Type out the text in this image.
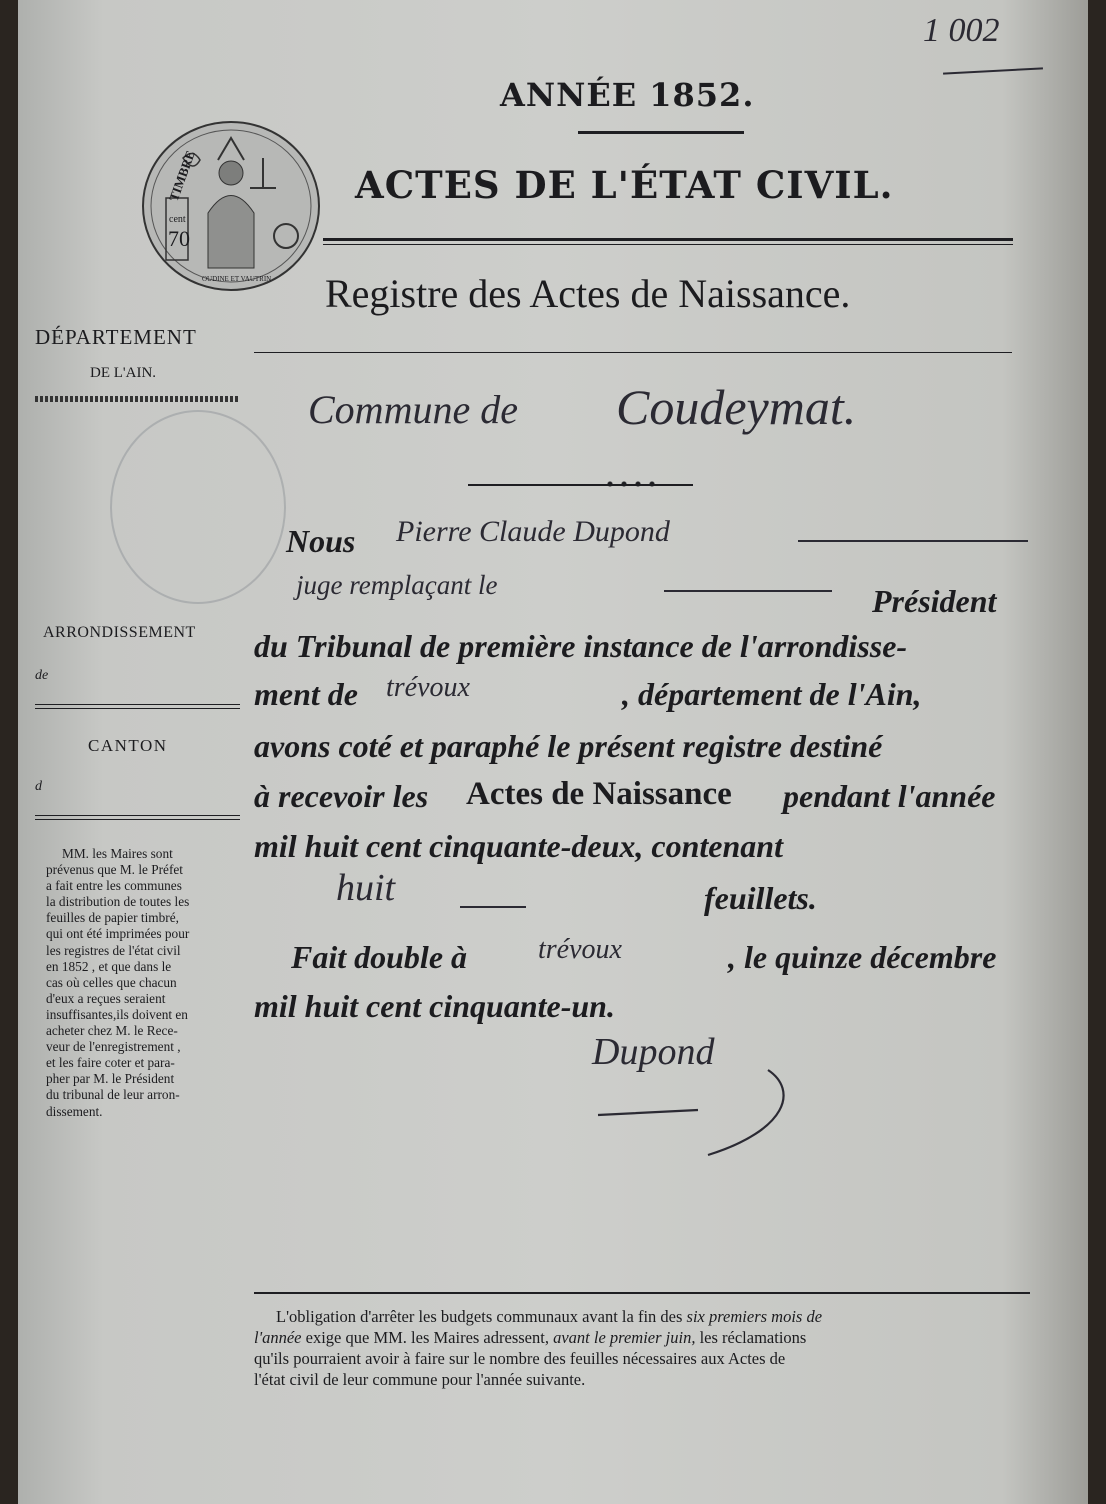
1 002
ANNÉE 1852.
ACTES DE L'ÉTAT CIVIL.
TIMBRE
cent
70
OUDINE ET VAUTRIN Registre des Actes de Naissance.
DÉPARTEMENT
DE L'AIN.
ARRONDISSEMENT
de
CANTON
d
MM. les Maires sont
prévenus que M. le Préfet
a fait entre les communes
la distribution de toutes les
feuilles de papier timbré,
qui ont été imprimées pour
les registres de l'état civil
en 1852 , et que dans le
cas où celles que chacun
d'eux a reçues seraient
insuffisantes,ils doivent en
acheter chez M. le Rece-
veur de l'enregistrement ,
et les faire coter et para-
pher par M. le Président
du tribunal de leur arron-
dissement.
Commune de Coudeymat.
Nous Pierre Claude Dupond
juge remplaçant le	Président
du Tribunal de première instance de l'arrondisse-
ment de trévoux	, département de l'Ain,
avons coté et paraphé le présent registre destiné
à recevoir les Actes de Naissance pendant l'année
mil huit cent cinquante-deux, contenant
huit	feuillets.
Fait double à	trévoux	, le quinze décembre
mil huit cent cinquante-un.
Dupond
L'obligation d'arrêter les budgets communaux avant la fin des six premiers mois de
l'année exige que MM. les Maires adressent, avant le premier juin, les réclamations
qu'ils pourraient avoir à faire sur le nombre des feuilles nécessaires aux Actes de
l'état civil de leur commune pour l'année suivante.
